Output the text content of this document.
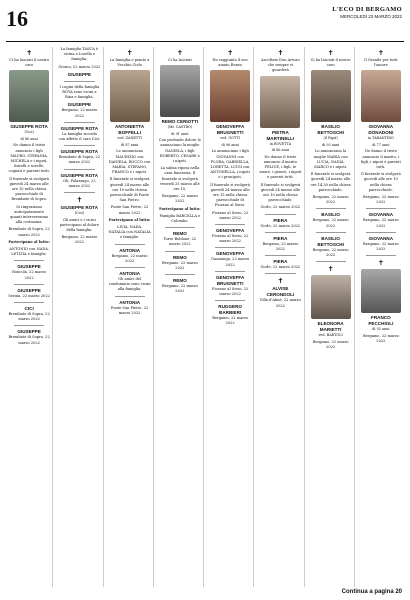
16	L'ECO DI BERGAMO
MERCOLEDÌ 23 MARZO 2022
✝

Ci ha lasciati il nostro caro

GIUSEPPE ROTA
(Cici)
di 86 anni

Ne danno il triste annuncio i figli MAURO, STEFANIA, MICHELA e i nipoti, fratelli e sorelle, cognati e parenti tutti.

Il funerale si svolgerà giovedì 24 marzo alle ore 10 nella chiesa parrocchiale di Brembate di Sopra.

Si ringraziano anticipatamente quanti interverranno alla cerimonia.

Brembate di Sopra, 22 marzo 2022

Partecipano al lutto:

ANTONIO con NADA, LETIZIA e famiglie.

GIUSEPPE

Roncola, 22 marzo 2022

GIUSEPPE

Serina, 22 marzo 2022

CICI

Brembate di Sopra, 22 marzo 2022

GIUSEPPE

Brembate di Sopra, 22 marzo 2022

La famiglia TASCA è vicina a Lorella e famiglia.

Gromo, 22 marzo 2022

GIUSEPPE

I cugini della famiglia ROTA sono vicini a Rina e famiglia.

GIUSEPPE

Bergamo, 22 marzo 2022

GIUSEPPE ROTA

La famiglia ricorda con affetto il caro Cici.

GIUSEPPE ROTA

Brembate di Sopra, 22 marzo 2022

GIUSEPPE ROTA

Oh, Palazzago, 22 marzo 2022

✝
GIUSEPPE ROTA
(Cici)

Gli amici e i vicini partecipano al dolore della famiglia.

Bergamo, 22 marzo 2022

✝

La famiglia e piante a Vecchio Cielo

ANTONIETTA BOFFELLI
ved. ZANETTI
di 87 anni

Le annunciano MAURIZIO con DANIELA, ROCCO con MARIA, STEFANO, FRANCO e i nipoti.

Il funerale si svolgerà giovedì 24 marzo alle ore 10 nella chiesa parrocchiale di Ponte San Pietro.

Ponte San Pietro, 22 marzo 2022

Partecipano al lutto:

LIVIA, NADA, NATALIA con NATALIA e famiglie.

ANTONIA

Bergamo, 22 marzo 2022

ANTONIA

Gli amici del condominio sono vicini alla famiglia.

ANTONIA

Ponte San Pietro, 22 marzo 2022

✝

Ci ha lasciati

REMO CERIOTTI
(Mr. CASTRO)
di 91 anni

Con profondo dolore lo annunciano la moglie DANIELA, i figli ROBERTO, CESARE e i nipoti.

La salma riposa nella casa funeraria. Il funerale si svolgerà venerdì 25 marzo alle ore 10.

Bergamo, 22 marzo 2022

Partecipano al lutto:

Famiglia BARCELLA e Colombo.

REMO

Torre Boldone, 22 marzo 2022

REMO

Bergamo, 22 marzo 2022

REMO

Bergamo, 22 marzo 2022

✝

Ho raggiunto il suo amato Renzo

GENOVEFFA BRUGNETTI
ved. GOTTI
di 96 anni

Lo annunciano i figli GIOVANNI con FLORA, GABRIELLA, LORETTA, LUIGI con ANTONELLA, i nipoti e i pronipoti.

Il funerale si svolgerà giovedì 24 marzo alle ore 15 nella chiesa parrocchiale di Fiorano al Serio.

Fiorano al Serio, 22 marzo 2022

GENOVEFFA

Fiorano al Serio, 22 marzo 2022

GENOVEFFA

Gazzaniga, 22 marzo 2022

GENOVEFFA BRUGNETTI

Fiorano al Serio, 22 marzo 2022

RUGGERO BARBIERI

Bergamo, 22 marzo 2022

✝

Ascoltate Don Arturo che sempre vi guarderà

PIETRA MARTINELLI
in BOVETTA
di 86 anni

Ne danno il triste annuncio il marito FELICE, i figli, le nuore, i generi, i nipoti e parenti tutti.

Il funerale si svolgerà giovedì 24 marzo alle ore 10 nella chiesa parrocchiale.

Gorle, 22 marzo 2022

PIERA

Gorle, 22 marzo 2022

PIERA

Bergamo, 22 marzo 2022

PIERA

Gorle, 22 marzo 2022

✝
ALVISE CERONDOLI

Villa d'Almè, 22 marzo 2022

✝

Ci ha lasciati il nostro caro

BASILIO BETTOSCHI
(il Papà)
di 93 anni

Lo annunciano la moglie MARIA con LUCIA, NADIA, MARCO e i nipoti.

Il funerale si svolgerà giovedì 24 marzo alle ore 14.30 nella chiesa parrocchiale.

Bergamo, 22 marzo 2022

BASILIO

Bergamo, 22 marzo 2022

BASILIO BETTOSCHI

Bergamo, 22 marzo 2022

✝
ELEONORA MARIETTI
ved. BARTOLI

Bergamo, 22 marzo 2022

✝

Il Grande per tutti l'amore

GIOVANNA DONADONI
in TARANTINO
di 77 anni

Ne danno il triste annuncio il marito, i figli, i nipoti e parenti tutti.

Il funerale si svolgerà giovedì alle ore 10 nella chiesa parrocchiale.

Bergamo, 22 marzo 2022

GIOVANNA

Bergamo, 22 marzo 2022

GIOVANNA

Bergamo, 22 marzo 2022

✝
FRANCO PECCHIOLI
di 92 anni

Bergamo, 22 marzo 2022

Continua a pagina 20
